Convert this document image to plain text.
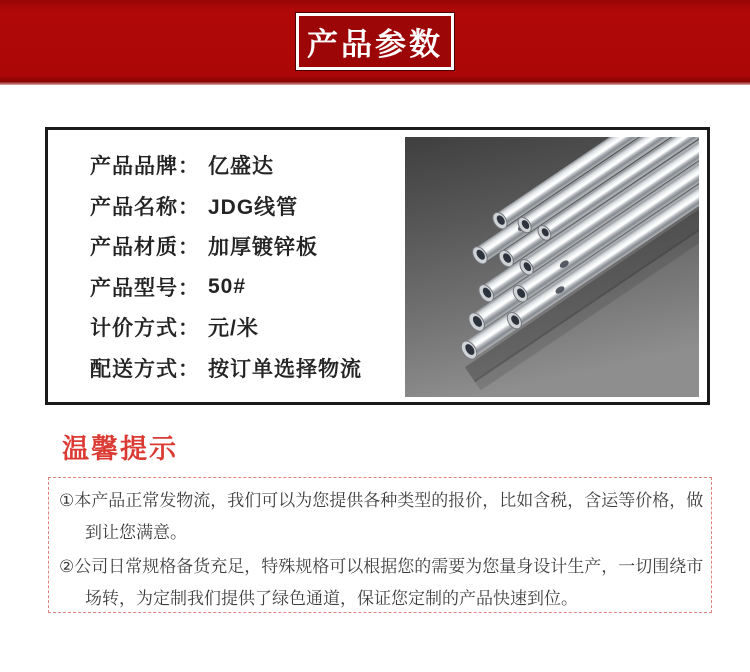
产品参数
产品品牌： 亿盛达
产品名称： JDG线管
产品材质： 加厚镀锌板
产品型号： 50#
计价方式： 元/米
配送方式： 按订单选择物流
温馨提示

①本产品正常发物流，我们可以为您提供各种类型的报价，比如含税，含运等价格，做到让您满意。

②公司日常规格备货充足，特殊规格可以根据您的需要为您量身设计生产，一切围绕市场转，为定制我们提供了绿色通道，保证您定制的产品快速到位。
